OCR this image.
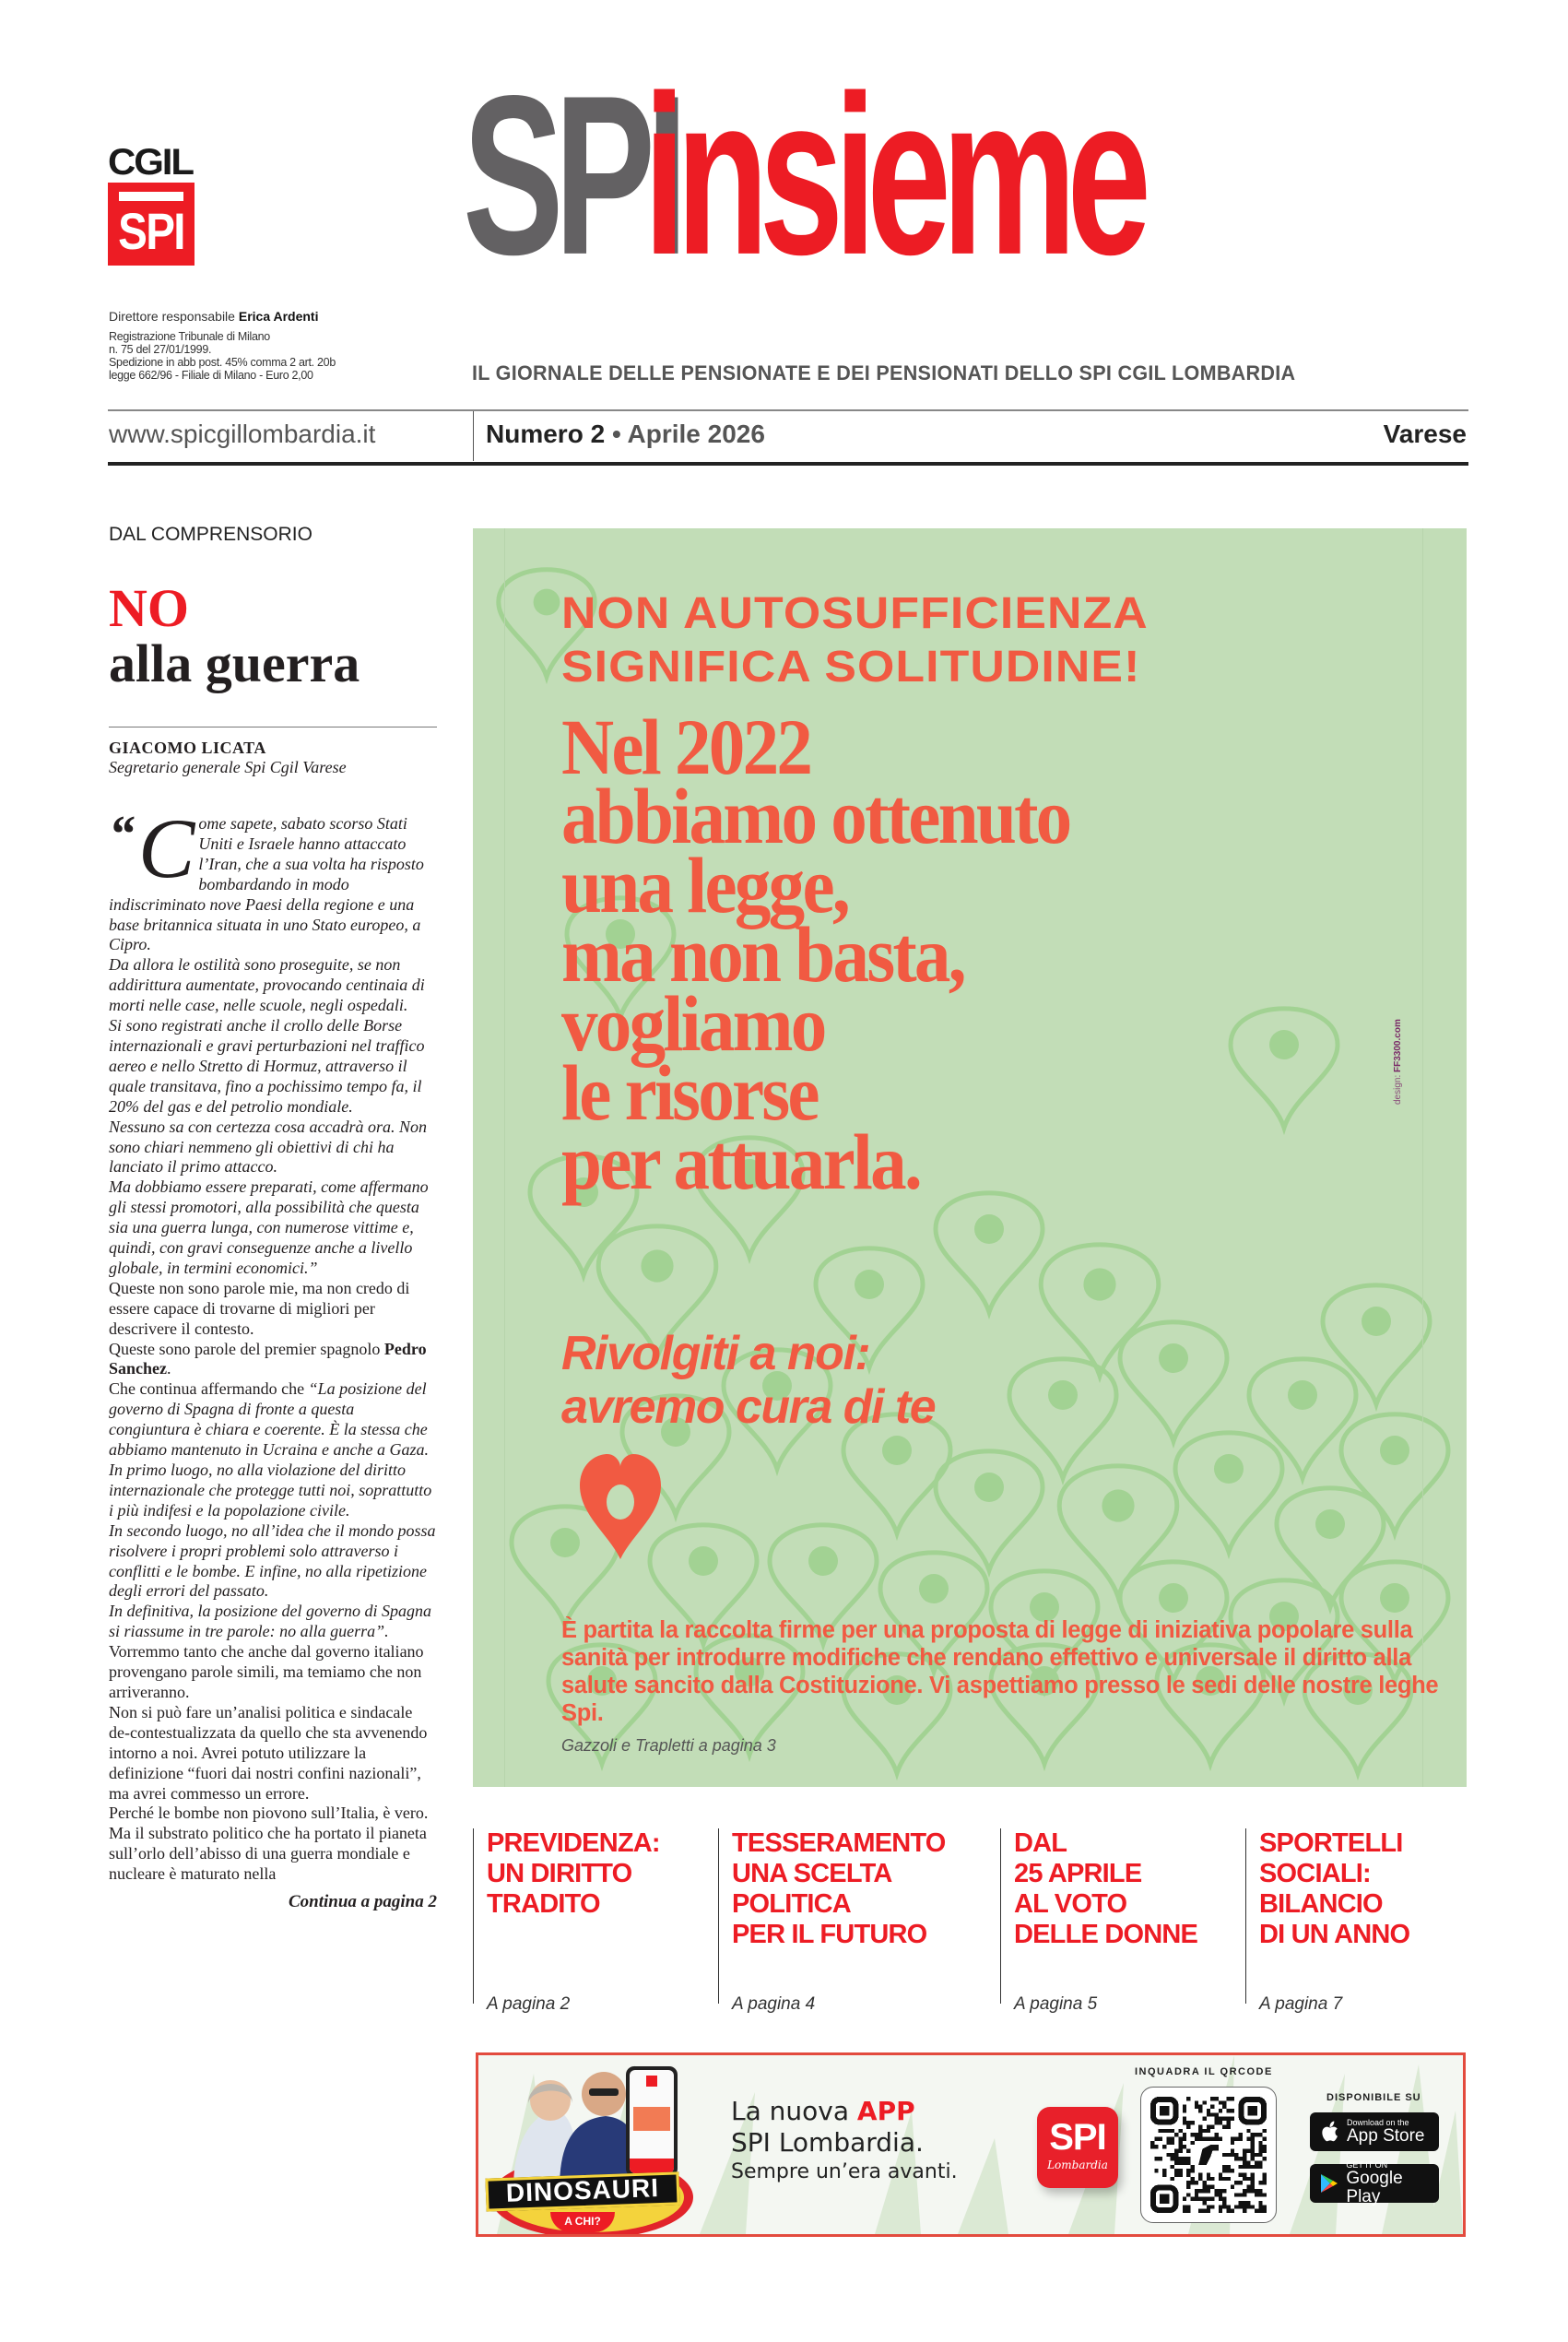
CGIL
SPI SPI
insieme
Direttore responsabile Erica Ardenti
Registrazione Tribunale di Milano
n. 75 del 27/01/1999.
Spedizione in abb post. 45% comma 2 art. 20b
legge 662/96 - Filiale di Milano - Euro 2,00	IL GIORNALE DELLE PENSIONATE E DEI PENSIONATI DELLO SPI CGIL LOMBARDIA
www.spicgillombardia.it	Numero 2 • Aprile 2026	Varese
DAL COMPRENSORIO
NO
alla guerra
GIACOMO LICATA
Segretario generale Spi Cgil Varese
“ C ome sapete, sabato scorso Stati Uniti e Israele hanno attaccato l’Iran, che a sua volta ha risposto bombardando in modo indiscriminato nove Paesi della regione e una base britannica situata in uno Stato europeo, a Cipro.

Da allora le ostilità sono proseguite, se non addirittura aumentate, provocando centinaia di morti nelle case, nelle scuole, negli ospedali.

Si sono registrati anche il crollo delle Borse internazionali e gravi perturbazioni nel traffico aereo e nello Stretto di Hormuz, attraverso il quale transitava, fino a pochissimo tempo fa, il 20% del gas e del petrolio mondiale.

Nessuno sa con certezza cosa accadrà ora. Non sono chiari nemmeno gli obiettivi di chi ha lanciato il primo attacco.

Ma dobbiamo essere preparati, come affermano gli stessi promotori, alla possibilità che questa sia una guerra lunga, con numerose vittime e, quindi, con gravi conseguenze anche a livello globale, in termini economici.”

Queste non sono parole mie, ma non credo di essere capace di trovarne di migliori per descrivere il contesto.

Queste sono parole del premier spagnolo Pedro Sanchez.

Che continua affermando che “La posizione del governo di Spagna di fronte a questa congiuntura è chiara e coerente. È la stessa che abbiamo mantenuto in Ucraina e anche a Gaza. In primo luogo, no alla violazione del diritto internazionale che protegge tutti noi, soprattutto i più indifesi e la popolazione civile.

In secondo luogo, no all’idea che il mondo possa risolvere i propri problemi solo attraverso i conflitti e le bombe. E infine, no alla ripetizione degli errori del passato.

In definitiva, la posizione del governo di Spagna si riassume in tre parole: no alla guerra”.

Vorremmo tanto che anche dal governo italiano provengano parole simili, ma temiamo che non arriveranno.

Non si può fare un’analisi politica e sindacale de-contestualizzata da quello che sta avvenendo intorno a noi. Avrei potuto utilizzare la definizione “fuori dai nostri confini nazionali”, ma avrei commesso un errore.

Perché le bombe non piovono sull’Italia, è vero. Ma il substrato politico che ha portato il pianeta sull’orlo dell’abisso di una guerra mondiale e nucleare è maturato nella

Continua a pagina 2
NON AUTOSUFFICIENZA
SIGNIFICA SOLITUDINE!
Nel 2022
abbiamo ottenuto
una legge,
ma non basta,
vogliamo
le risorse
per attuarla.
Rivolgiti a noi:
avremo cura di te
È partita la raccolta firme per una proposta di legge di iniziativa popolare sulla sanità per introdurre modifiche che rendano effettivo e universale il diritto alla salute sancito dalla Costituzione. Vi aspettiamo presso le sedi delle nostre leghe Spi.
Gazzoli e Trapletti a pagina 3
design: FF3300.com
PREVIDENZA:
UN DIRITTO
TRADITO
A pagina 2
TESSERAMENTO
UNA SCELTA
POLITICA
PER IL FUTURO
A pagina 4
DAL
25 APRILE
AL VOTO
DELLE DONNE
A pagina 5
SPORTELLI
SOCIALI:
BILANCIO
DI UN ANNO
A pagina 7
DINOSAURI
A CHI?
La nuova APP
SPI Lombardia.
Sempre un’era avanti.
SPI
Lombardia
INQUADRA IL QRCODE
DISPONIBILE SU
Download on the
App Store
GET IT ON
Google Play
